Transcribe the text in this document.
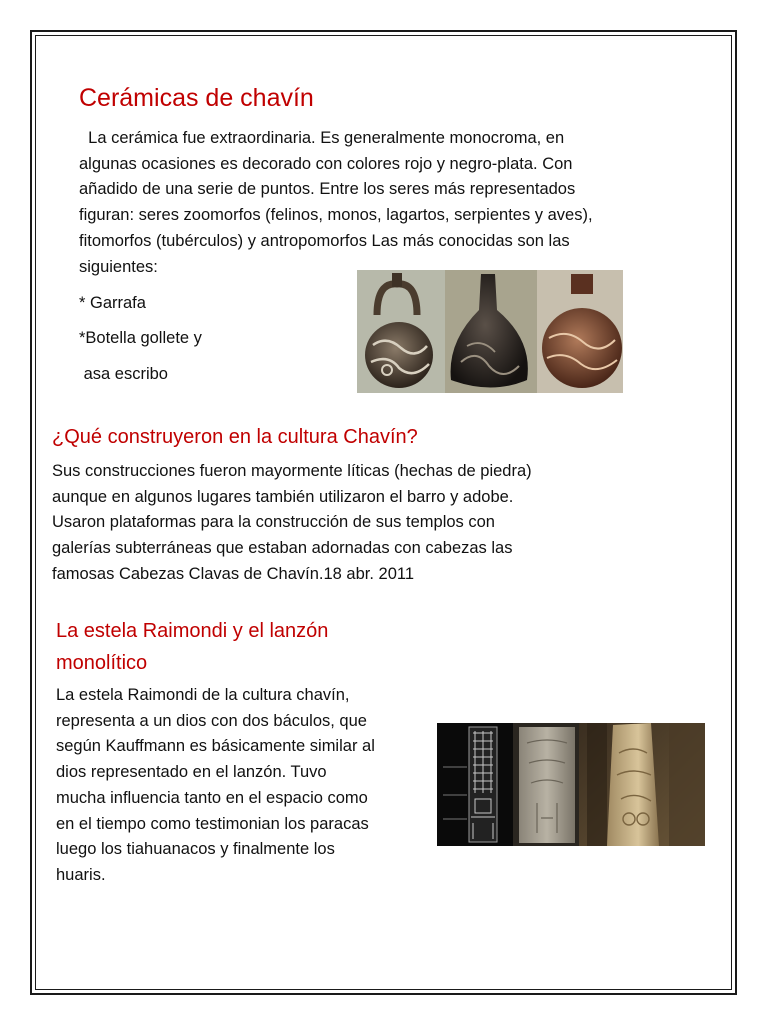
Cerámicas de chavín
La cerámica fue extraordinaria. Es generalmente monocroma, en
algunas ocasiones es decorado con colores rojo y negro-plata. Con
añadido de una serie de puntos. Entre los seres más representados
figuran: seres zoomorfos (felinos, monos, lagartos, serpientes y aves),
fitomorfos (tubérculos) y antropomorfos Las más conocidas son las
siguientes:

* Garrafa

*Botella gollete y

asa escribo

¿Qué construyeron en la cultura Chavín?
Sus construcciones fueron mayormente líticas (hechas de piedra)
aunque en algunos lugares también utilizaron el barro y adobe.
Usaron plataformas para la construcción de sus templos con
galerías subterráneas que estaban adornadas con cabezas las
famosas Cabezas Clavas de Chavín.18 abr. 2011
La estela Raimondi y el lanzón
monolítico
La estela Raimondi de la cultura chavín,
representa a un dios con dos báculos, que
según Kauffmann es básicamente similar al
dios representado en el lanzón. Tuvo
mucha influencia tanto en el espacio como
en el tiempo como testimonian los paracas
luego los tiahuanacos y finalmente los
huaris.
